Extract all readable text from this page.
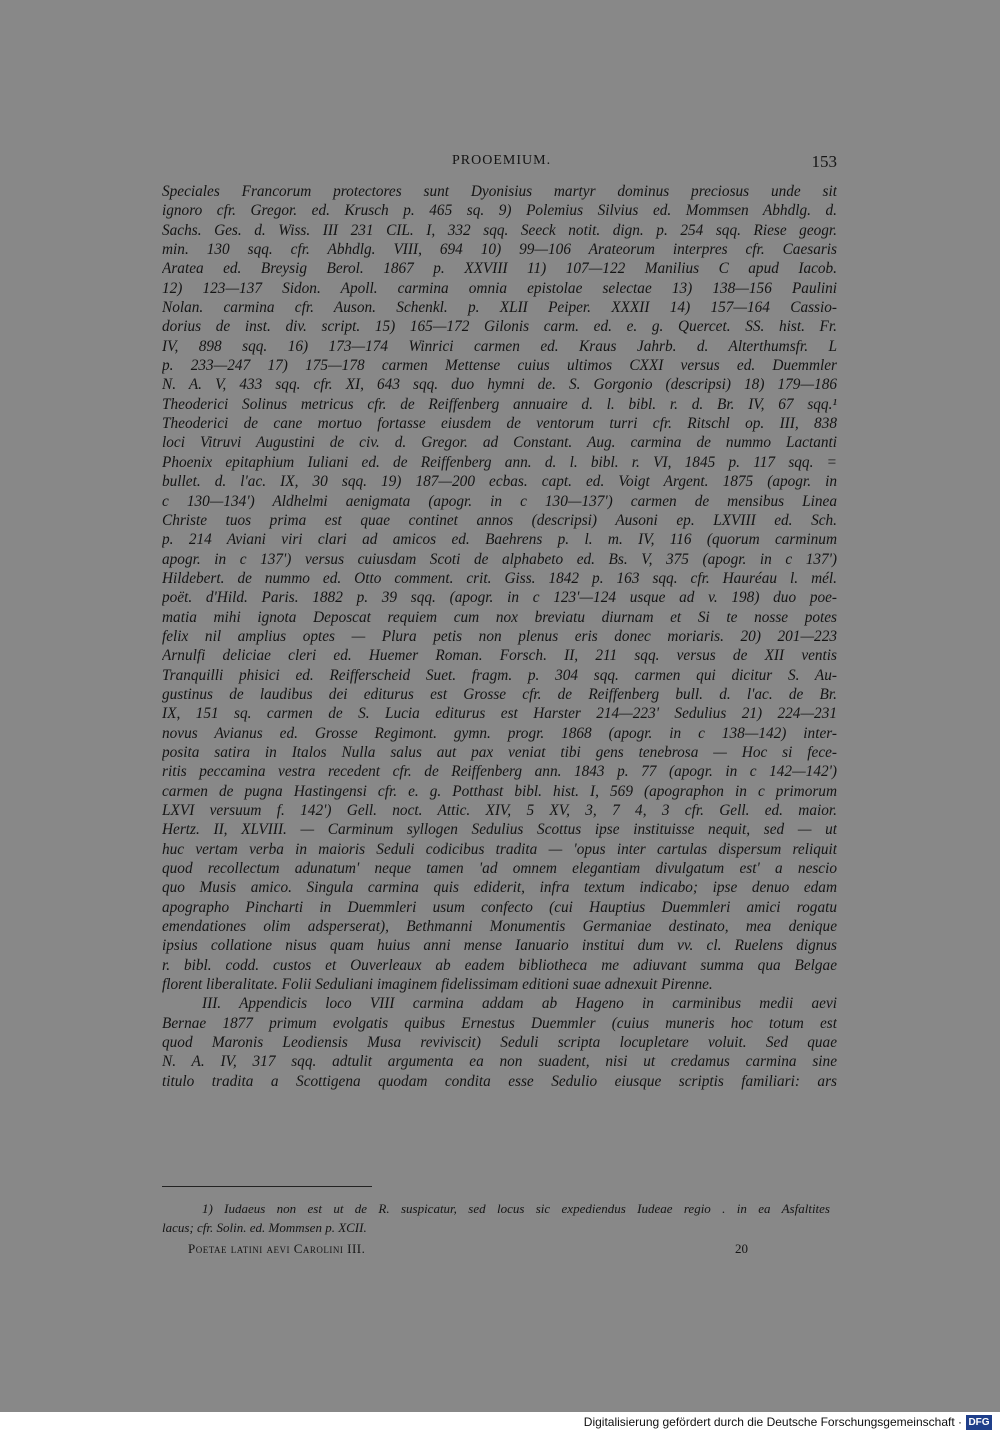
PROOEMIUM.	153
Speciales Francorum protectores sunt Dyonisius martyr dominus preciosus unde sit
ignoro cfr. Gregor. ed. Krusch p. 465 sq. 9) Polemius Silvius ed. Mommsen Abhdlg. d.
Sachs. Ges. d. Wiss. III 231 CIL. I, 332 sqq. Seeck notit. dign. p. 254 sqq. Riese geogr.
min. 130 sqq. cfr. Abhdlg. VIII, 694 10) 99—106 Arateorum interpres cfr. Caesaris
Aratea ed. Breysig Berol. 1867 p. XXVIII 11) 107—122 Manilius C apud Iacob.
12) 123—137 Sidon. Apoll. carmina omnia epistolae selectae 13) 138—156 Paulini
Nolan. carmina cfr. Auson. Schenkl. p. XLII Peiper. XXXII 14) 157—164 Cassio-
dorius de inst. div. script. 15) 165—172 Gilonis carm. ed. e. g. Quercet. SS. hist. Fr.
IV, 898 sqq. 16) 173—174 Winrici carmen ed. Kraus Jahrb. d. Alterthumsfr. L
p. 233—247 17) 175—178 carmen Mettense cuius ultimos CXXI versus ed. Duemmler
N. A. V, 433 sqq. cfr. XI, 643 sqq. duo hymni de. S. Gorgonio (descripsi) 18) 179—186
Theoderici Solinus metricus cfr. de Reiffenberg annuaire d. l. bibl. r. d. Br. IV, 67 sqq.¹
Theoderici de cane mortuo fortasse eiusdem de ventorum turri cfr. Ritschl op. III, 838
loci Vitruvi Augustini de civ. d. Gregor. ad Constant. Aug. carmina de nummo Lactanti
Phoenix epitaphium Iuliani ed. de Reiffenberg ann. d. l. bibl. r. VI, 1845 p. 117 sqq. =
bullet. d. l'ac. IX, 30 sqq. 19) 187—200 ecbas. capt. ed. Voigt Argent. 1875 (apogr. in
c 130—134') Aldhelmi aenigmata (apogr. in c 130—137') carmen de mensibus Linea
Christe tuos prima est quae continet annos (descripsi) Ausoni ep. LXVIII ed. Sch.
p. 214 Aviani viri clari ad amicos ed. Baehrens p. l. m. IV, 116 (quorum carminum
apogr. in c 137') versus cuiusdam Scoti de alphabeto ed. Bs. V, 375 (apogr. in c 137')
Hildebert. de nummo ed. Otto comment. crit. Giss. 1842 p. 163 sqq. cfr. Hauréau l. mél.
poët. d'Hild. Paris. 1882 p. 39 sqq. (apogr. in c 123'—124 usque ad v. 198) duo poe-
matia mihi ignota Deposcat requiem cum nox breviatu diurnam et Si te nosse potes
felix nil amplius optes — Plura petis non plenus eris donec moriaris. 20) 201—223
Arnulfi deliciae cleri ed. Huemer Roman. Forsch. II, 211 sqq. versus de XII ventis
Tranquilli phisici ed. Reifferscheid Suet. fragm. p. 304 sqq. carmen qui dicitur S. Au-
gustinus de laudibus dei editurus est Grosse cfr. de Reiffenberg bull. d. l'ac. de Br.
IX, 151 sq. carmen de S. Lucia editurus est Harster 214—223' Sedulius 21) 224—231
novus Avianus ed. Grosse Regimont. gymn. progr. 1868 (apogr. in c 138—142) inter-
posita satira in Italos Nulla salus aut pax veniat tibi gens tenebrosa — Hoc si fece-
ritis peccamina vestra recedent cfr. de Reiffenberg ann. 1843 p. 77 (apogr. in c 142—142')
carmen de pugna Hastingensi cfr. e. g. Potthast bibl. hist. I, 569 (apographon in c primorum
LXVI versuum f. 142') Gell. noct. Attic. XIV, 5 XV, 3, 7 4, 3 cfr. Gell. ed. maior.
Hertz. II, XLVIII. — Carminum syllogen Sedulius Scottus ipse instituisse nequit, sed — ut
huc vertam verba in maioris Seduli codicibus tradita — 'opus inter cartulas dispersum reliquit
quod recollectum adunatum' neque tamen 'ad omnem elegantiam divulgatum est' a nescio
quo Musis amico. Singula carmina quis ediderit, infra textum indicabo; ipse denuo edam
apographo Pincharti in Duemmleri usum confecto (cui Hauptius Duemmleri amici rogatu
emendationes olim adsperserat), Bethmanni Monumentis Germaniae destinato, mea denique
ipsius collatione nisus quam huius anni mense Ianuario institui dum vv. cl. Ruelens dignus
r. bibl. codd. custos et Ouverleaux ab eadem bibliotheca me adiuvant summa qua Belgae
florent liberalitate. Folii Seduliani imaginem fidelissimam editioni suae adnexuit Pirenne.
III. Appendicis loco VIII carmina addam ab Hageno in carminibus medii aevi
Bernae 1877 primum evolgatis quibus Ernestus Duemmler (cuius muneris hoc totum est
quod Maronis Leodiensis Musa reviviscit) Seduli scripta locupletare voluit. Sed quae
N. A. IV, 317 sqq. adtulit argumenta ea non suadent, nisi ut credamus carmina sine
titulo tradita a Scottigena quodam condita esse Sedulio eiusque scriptis familiari: ars
1) Iudaeus non est ut de R. suspicatur, sed locus sic expediendus Iudeae regio . in ea Asfaltites
lacus; cfr. Solin. ed. Mommsen p. XCII.
Poetae latini aevi Carolini III.	20
Digitalisierung gefördert durch die Deutsche Forschungsgemeinschaft · DFG
